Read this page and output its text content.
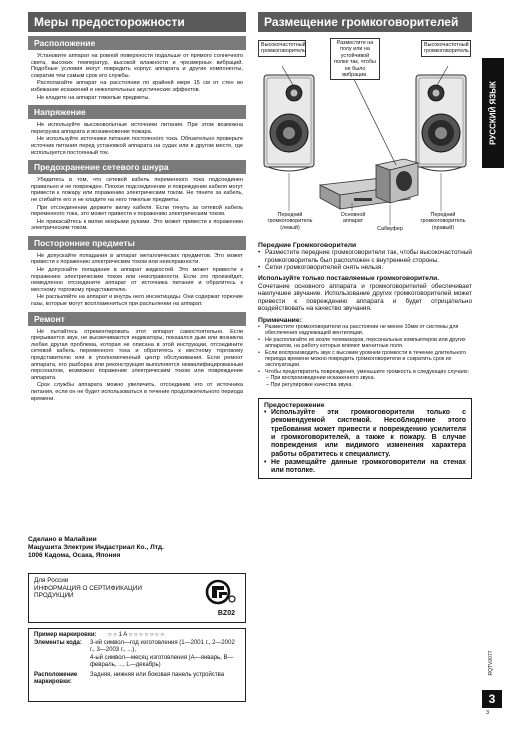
Меры предосторожности
Расположение

Установите аппарат на ровной поверхности подальше от прямого солнечного света, высоких температур, высокой влажности и чрезмерных вибраций. Подобные условия могут повредить корпус аппарата и другие компоненты, сократив тем самым срок его службы.

Располагайте аппарат на расстоянии по крайней мере 15 см от стен во избежание искажений и нежелательных акустических эффектов.

Не кладите на аппарат тяжелые предметы.

Напряжение

Не используйте высоковольтные источники питания. При этом возможна перегрузка аппарата и возникновение пожара.

Не используйте источники питания постоянного тока. Обязательно проверьте источник питания перед установкой аппарата на судах или в другом месте, где используется постоянный ток.

Предохранение сетевого шнура

Убедитесь в том, что сетевой кабель переменного тока подсоединен правильно и не поврежден. Плохое подсоединение и повреждение кабеля могут привести к пожару или поражению электрическим током. Не тяните за кабель, не сгибайте его и не кладите на него тяжелые предметы.

При отсоединении держите вилку кабеля. Если тянуть за сетевой кабель переменного тока, это может привести к поражению электрическим током.

Не прикасайтесь к вилке мокрыми руками. Это может привести к поражению электрическим током.

Посторонние предметы

Не допускайте попадания в аппарат металлических предметов. Это может привести к поражению электрическим током или неисправности.

Не допускайте попадания в аппарат жидкостей. Это может привести к поражению электрическим током или неисправности. Если это произойдет, немедленно отсоедините аппарат от источника питания и обратитесь к местному торговому представителю.

Не распыляйте на аппарат и внутрь него инсектициды. Они содержат горючие газы, которые могут воспламениться при распылении на аппарат.

Ремонт

Не пытайтесь отремонтировать этот аппарат самостоятельно. Если прерывается звук, не высвечиваются индикаторы, показался дым или возникла любая другая проблема, которая не описана в этой инструкции, отсоедините сетевой кабель переменного тока и обратитесь к местному торговому представителю или в уполномоченный центр обслуживания. Если ремонт аппарата, его разборка или реконструкция выполняется неквалифицированным персоналом, возможно поражение электрическим током или повреждение аппарата.

Срок службы аппарата можно увеличить, отсоединив его от источника питания, если он не будет использоваться в течение продолжительного периода времени.

Сделано в Малайзии
Мацушита Электрик Индастриал Ко., Лтд.
1006 Кадома, Осака, Япония
Для России
ИНФОРМАЦИЯ О СЕРТИФИКАЦИИ
ПРОДУКЦИИ
BZ02
Пример маркировки:	○ ○ 1 A ○ ○ ○ ○ ○ ○ ○
Элементы кода:	3-ий символ—год изготовления (1—2001 г., 2—2002 г., 3—2003 г., ...),
4-ый символ—месяц изготовления (А—январь, В—февраль, ..., L—декабрь)
Расположение маркировки:
Задняя, нижняя или боковая панель устройства
Размещение громкоговорителей
Высокочастотный громкоговоритель
Разместите на полу или на устойчивой полке так, чтобы не было вибрации.
Высокочастотный громкоговоритель
Передний громкоговоритель (левый)
Основной аппарат
Сабвуфер
Передний громкоговоритель (правый)
Передние Громкоговорители
• Разместите передние громкоговорители так, чтобы высокочастотный громкоговоритель был расположен с внутренней стороны.
• Сетки громкоговорителей снять нельзя.
Используйте только поставляемые громкоговорители.

Сочетание основного аппарата и громкоговорителей обеспечивает наилучшее звучание. Использование других громкоговорителей может привести к повреждению аппарата и будет отрицательно воздействовать на качество звучания.

Примечание:
• Разместите громкоговорители на расстоянии не менее 10мм от системы для обеспечения надлежащей вентиляции.
• Не располагайте их возле телевизоров, персональных компьютеров или других аппаратов, на работу которых влияют магнитные поля.
• Если воспроизводить звук с высоким уровнем громкости в течение длительного периода времени можно повредить громкоговорители и сократить срок их эксплуатации.
• Чтобы предотвратить повреждения, уменьшите громкость в следующих случаях:
– При воспроизведении искаженного звука.
– При регулировке качества звука.
Предостережение
• Используйте эти громкоговорители только с рекомендуемой системой. Несоблюдение этого требования может привести к повреждению усилителя и громкоговорителей, а также к пожару. В случае повреждения или видимого изменения характера работы обратитесь к специалисту.
• Не размещайте данные громкоговорители на стенах или потолке.
РУССКИЙ ЯЗЫК
RQTV0077
3
3
